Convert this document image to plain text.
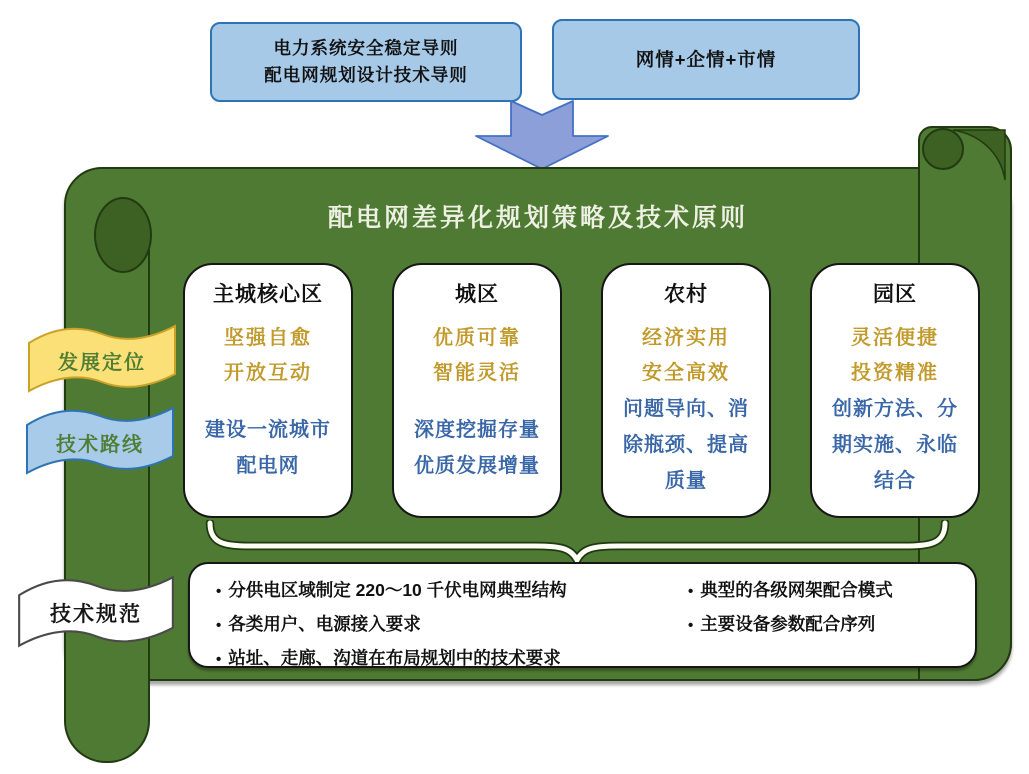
电力系统安全稳定导则
配电网规划设计技术导则
网情+企情+市情
配电网差异化规划策略及技术原则
主城核心区
坚强自愈
开放互动
建设一流城市
配电网
城区
优质可靠
智能灵活
深度挖掘存量
优质发展增量
农村
经济实用
安全高效
问题导向、消
除瓶颈、提高
质量
园区
灵活便捷
投资精准
创新方法、分
期实施、永临
结合
• 分供电区域制定 220～10 千伏电网典型结构
• 各类用户、电源接入要求
• 站址、走廊、沟道在布局规划中的技术要求
• 典型的各级网架配合模式
• 主要设备参数配合序列
发展定位
技术路线
技术规范
